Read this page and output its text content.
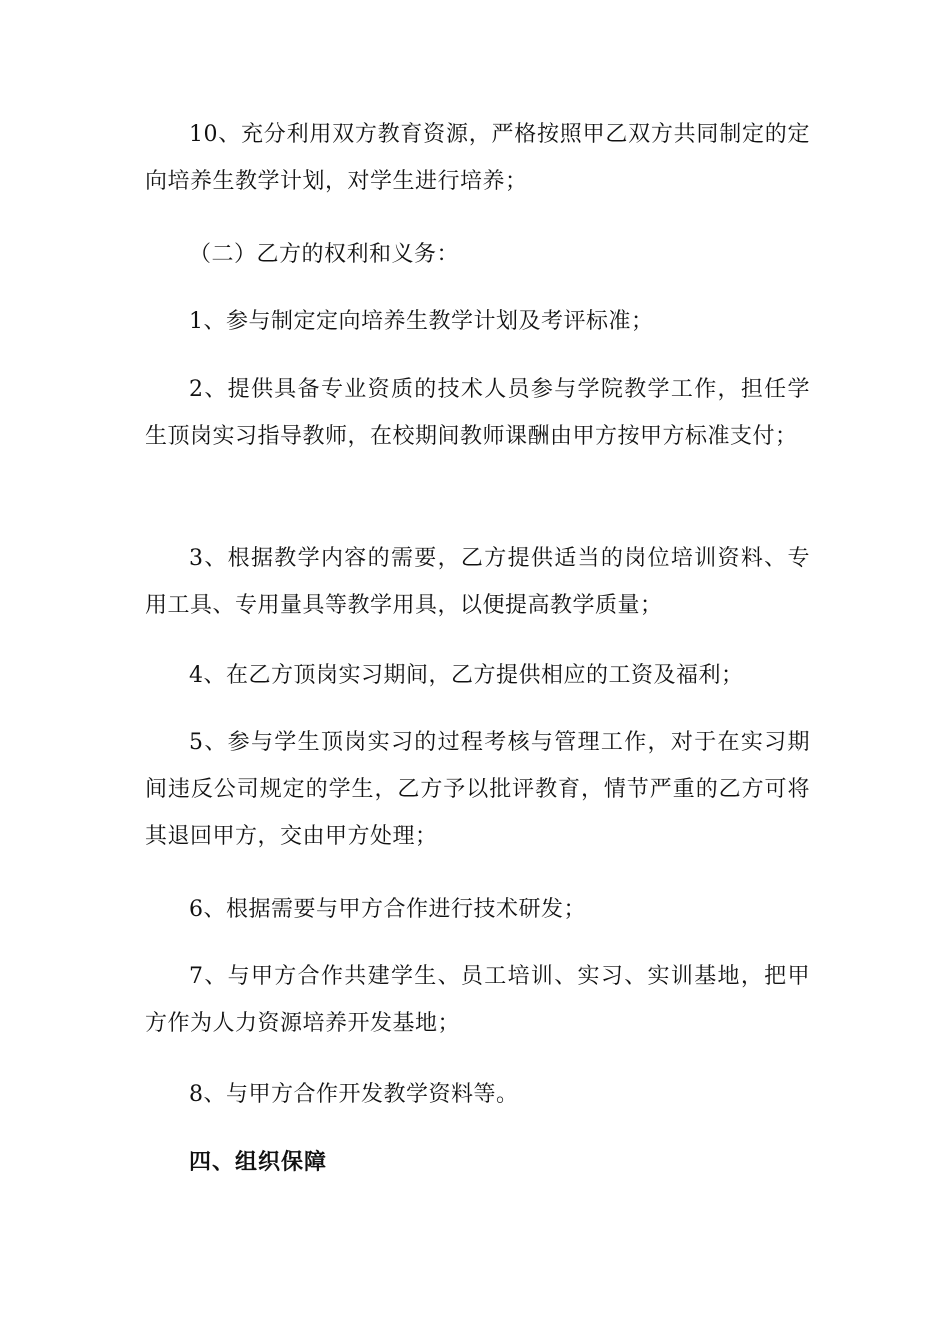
10、充分利用双方教育资源，严格按照甲乙双方共同制定的定向培养生教学计划，对学生进行培养；

（二）乙方的权利和义务：

1、参与制定定向培养生教学计划及考评标准；

2、提供具备专业资质的技术人员参与学院教学工作，担任学生顶岗实习指导教师，在校期间教师课酬由甲方按甲方标准支付；

3、根据教学内容的需要，乙方提供适当的岗位培训资料、专用工具、专用量具等教学用具，以便提高教学质量；

4、在乙方顶岗实习期间，乙方提供相应的工资及福利；

5、参与学生顶岗实习的过程考核与管理工作，对于在实习期间违反公司规定的学生，乙方予以批评教育，情节严重的乙方可将其退回甲方，交由甲方处理；

6、根据需要与甲方合作进行技术研发；

7、与甲方合作共建学生、员工培训、实习、实训基地，把甲方作为人力资源培养开发基地；

8、与甲方合作开发教学资料等。

四、组织保障
